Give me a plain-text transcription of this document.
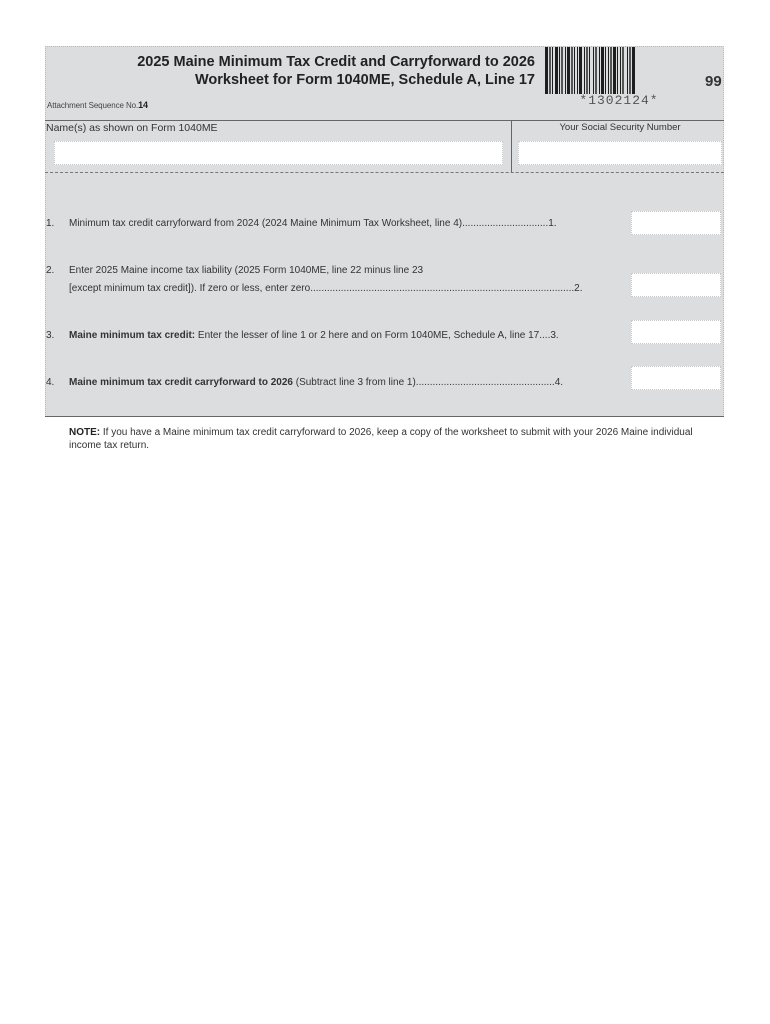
2025 Maine Minimum Tax Credit and Carryforward to 2026
Worksheet for Form 1040ME, Schedule A, Line 17
Attachment Sequence No.14	*1302124*
99
Name(s) as shown on Form 1040ME	Your Social Security Number
1. Minimum tax credit carryforward from 2024 (2024 Maine Minimum Tax Worksheet, line 4)...............................1.
2. Enter 2025 Maine income tax liability (2025 Form 1040ME, line 22 minus line 23
[except minimum tax credit]). If zero or less, enter zero...............................................................................................2.
3. Maine minimum tax credit: Enter the lesser of line 1 or 2 here and on Form 1040ME, Schedule A, line 17....3.
4. Maine minimum tax credit carryforward to 2026 (Subtract line 3 from line 1)..................................................4.
NOTE: If you have a Maine minimum tax credit carryforward to 2026, keep a copy of the worksheet to submit with your 2026 Maine individual income tax return.
